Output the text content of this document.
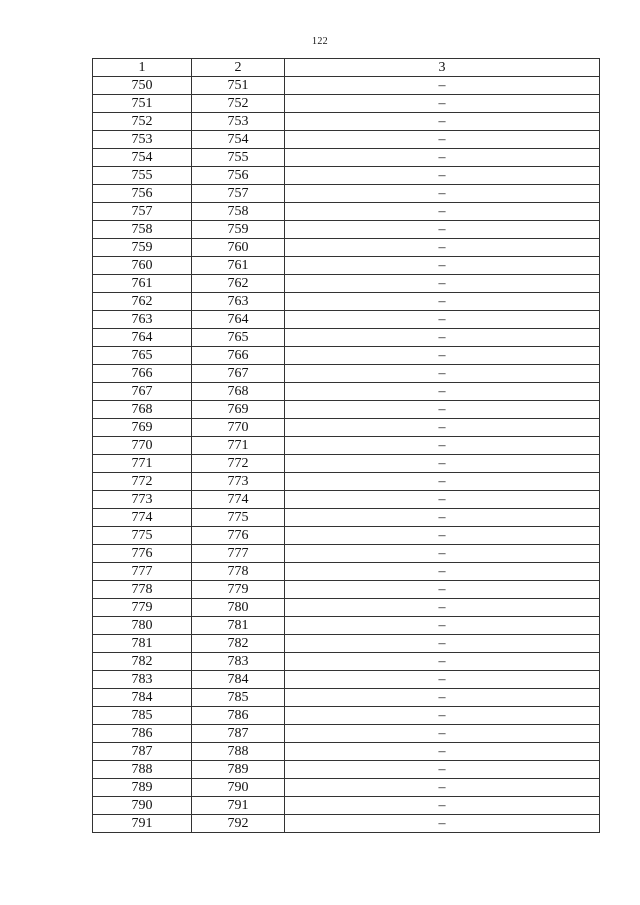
122
1	2	3
750	751	–
751	752	–
752	753	–
753	754	–
754	755	–
755	756	–
756	757	–
757	758	–
758	759	–
759	760	–
760	761	–
761	762	–
762	763	–
763	764	–
764	765	–
765	766	–
766	767	–
767	768	–
768	769	–
769	770	–
770	771	–
771	772	–
772	773	–
773	774	–
774	775	–
775	776	–
776	777	–
777	778	–
778	779	–
779	780	–
780	781	–
781	782	–
782	783	–
783	784	–
784	785	–
785	786	–
786	787	–
787	788	–
788	789	–
789	790	–
790	791	–
791	792	–
